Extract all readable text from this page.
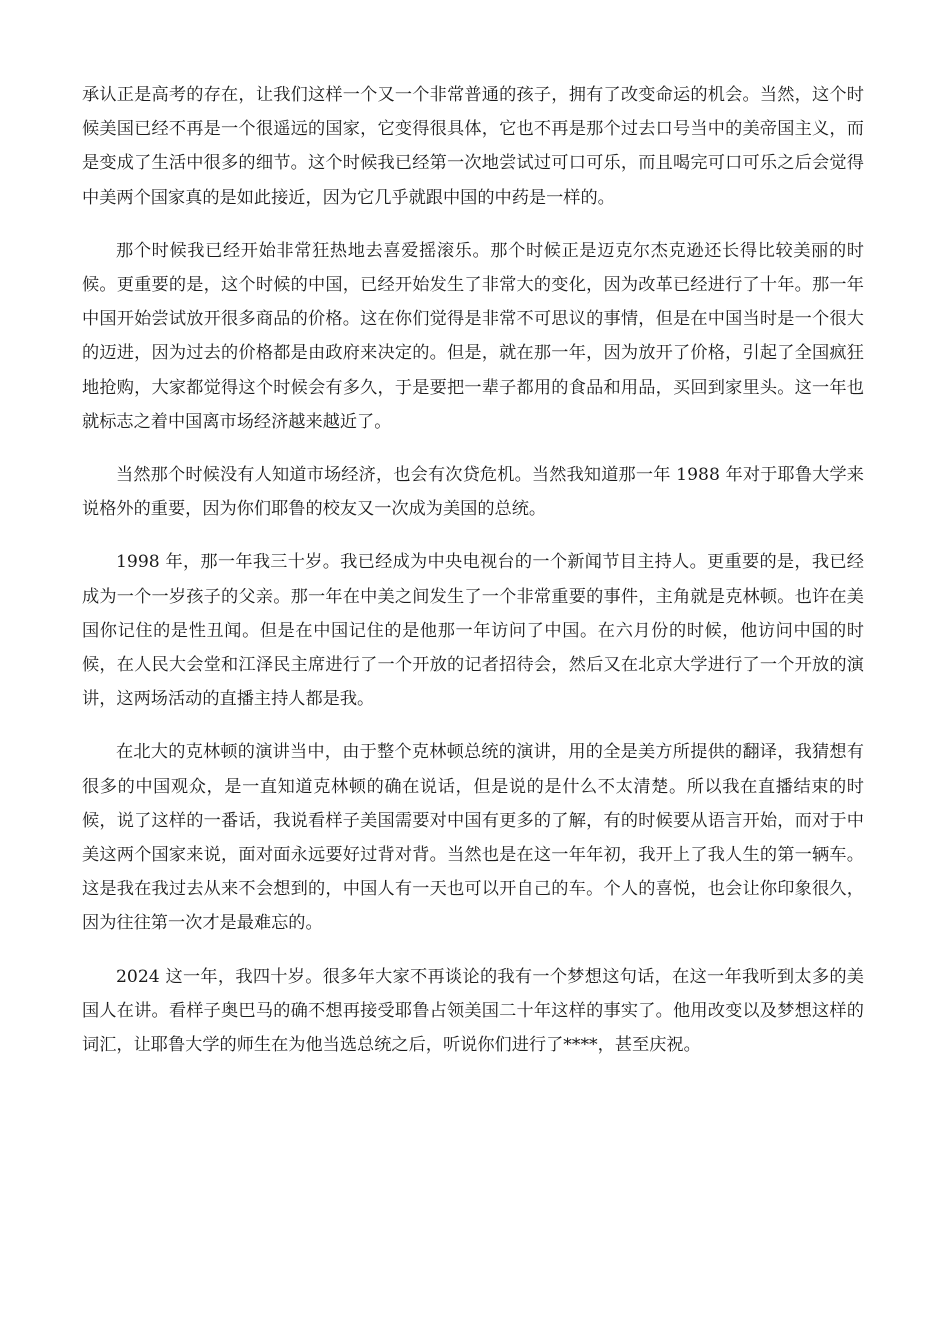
承认正是高考的存在，让我们这样一个又一个非常普通的孩子，拥有了改变命运的机会。当然，这个时候美国已经不再是一个很遥远的国家，它变得很具体，它也不再是那个过去口号当中的美帝国主义，而是变成了生活中很多的细节。这个时候我已经第一次地尝试过可口可乐，而且喝完可口可乐之后会觉得中美两个国家真的是如此接近，因为它几乎就跟中国的中药是一样的。

那个时候我已经开始非常狂热地去喜爱摇滚乐。那个时候正是迈克尔杰克逊还长得比较美丽的时候。更重要的是，这个时候的中国，已经开始发生了非常大的变化，因为改革已经进行了十年。那一年中国开始尝试放开很多商品的价格。这在你们觉得是非常不可思议的事情，但是在中国当时是一个很大的迈进，因为过去的价格都是由政府来决定的。但是，就在那一年，因为放开了价格，引起了全国疯狂地抢购，大家都觉得这个时候会有多久，于是要把一辈子都用的食品和用品，买回到家里头。这一年也就标志之着中国离市场经济越来越近了。

当然那个时候没有人知道市场经济，也会有次贷危机。当然我知道那一年 1988 年对于耶鲁大学来说格外的重要，因为你们耶鲁的校友又一次成为美国的总统。

1998 年，那一年我三十岁。我已经成为中央电视台的一个新闻节目主持人。更重要的是，我已经成为一个一岁孩子的父亲。那一年在中美之间发生了一个非常重要的事件，主角就是克林顿。也许在美国你记住的是性丑闻。但是在中国记住的是他那一年访问了中国。在六月份的时候，他访问中国的时候，在人民大会堂和江泽民主席进行了一个开放的记者招待会，然后又在北京大学进行了一个开放的演讲，这两场活动的直播主持人都是我。

在北大的克林顿的演讲当中，由于整个克林顿总统的演讲，用的全是美方所提供的翻译，我猜想有很多的中国观众，是一直知道克林顿的确在说话，但是说的是什么不太清楚。所以我在直播结束的时候，说了这样的一番话，我说看样子美国需要对中国有更多的了解，有的时候要从语言开始，而对于中美这两个国家来说，面对面永远要好过背对背。当然也是在这一年年初，我开上了我人生的第一辆车。这是我在我过去从来不会想到的，中国人有一天也可以开自己的车。个人的喜悦，也会让你印象很久，因为往往第一次才是最难忘的。

2024 这一年，我四十岁。很多年大家不再谈论的我有一个梦想这句话，在这一年我听到太多的美国人在讲。看样子奥巴马的确不想再接受耶鲁占领美国二十年这样的事实了。他用改变以及梦想这样的词汇，让耶鲁大学的师生在为他当选总统之后，听说你们进行了****，甚至庆祝。
